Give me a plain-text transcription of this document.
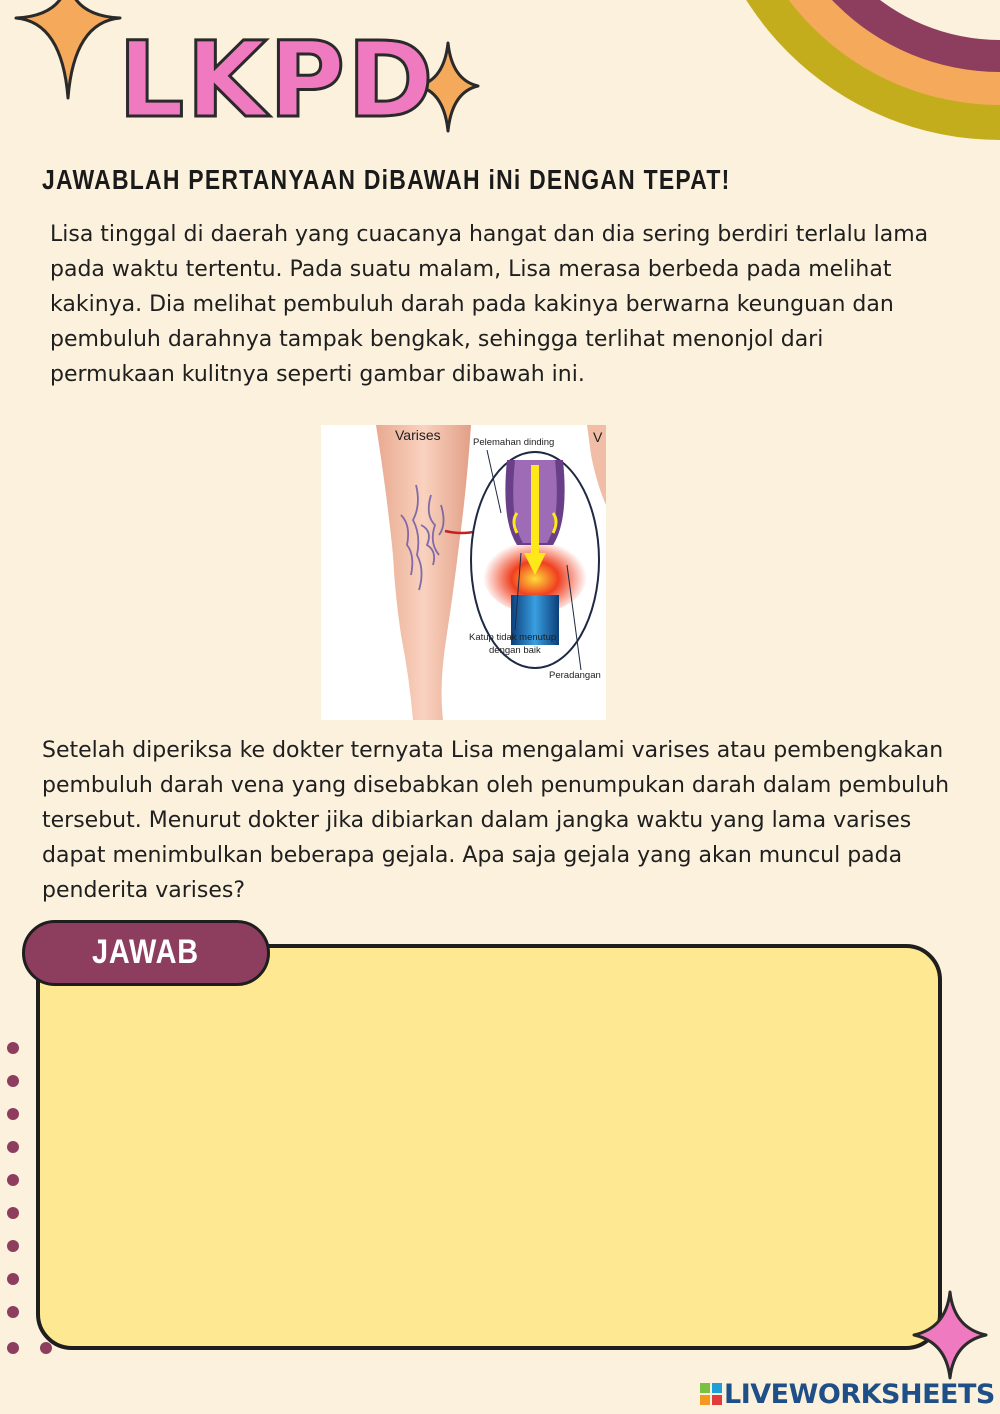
LKPD
JAWABLAH PERTANYAAN DiBAWAH iNi DENGAN TEPAT!

Lisa tinggal di daerah yang cuacanya hangat dan dia sering berdiri terlalu lama pada waktu tertentu. Pada suatu malam, Lisa merasa berbeda pada melihat kakinya. Dia melihat pembuluh darah pada kakinya berwarna keunguan dan pembuluh darahnya tampak bengkak, sehingga terlihat menonjol dari permukaan kulitnya seperti gambar dibawah ini.

Varises	V
Pelemahan dinding
Katup tidak menutup
dengan baik
Peradangan

Setelah diperiksa ke dokter ternyata Lisa mengalami varises atau pembengkakan pembuluh darah vena yang disebabkan oleh penumpukan darah dalam pembuluh tersebut. Menurut dokter jika dibiarkan dalam jangka waktu yang lama varises dapat menimbulkan beberapa gejala. Apa saja gejala yang akan muncul pada penderita varises?

JAWAB
LIVEWORKSHEETS
